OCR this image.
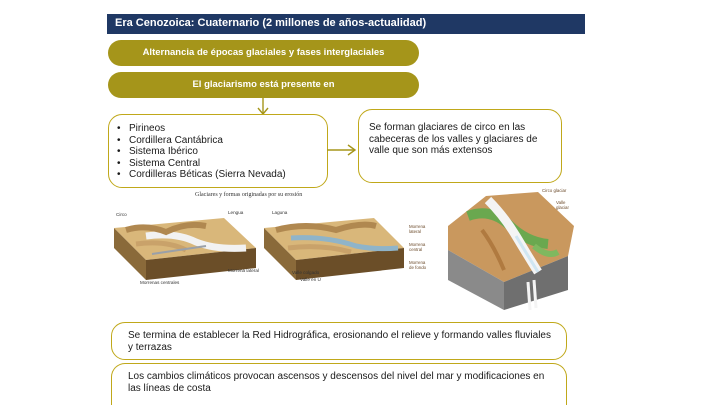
Era Cenozoica: Cuaternario (2 millones de años-actualidad)
Alternancia de épocas glaciales y fases interglaciales
El glaciarismo está presente en
• Pirineos
• Cordillera Cantábrica
• Sistema Ibérico
• Sistema Central
• Cordilleras Béticas (Sierra Nevada)
Se forman glaciares de circo en las cabeceras de los valles y glaciares de valle que son más extensos
Glaciares y formas originadas por su erosión
Circo	Lengua	Laguna
Morrena lateral
Morrenas centrales
Valle colgado
Valle en U
Circo glaciar
Valle glaciar
Morrena lateral
Morrena central
Morrena de fondo
Se termina de establecer la Red Hidrográfica, erosionando el relieve y formando valles fluviales y terrazas
Los cambios climáticos provocan ascensos y descensos del nivel del mar y modificaciones en las líneas de costa
